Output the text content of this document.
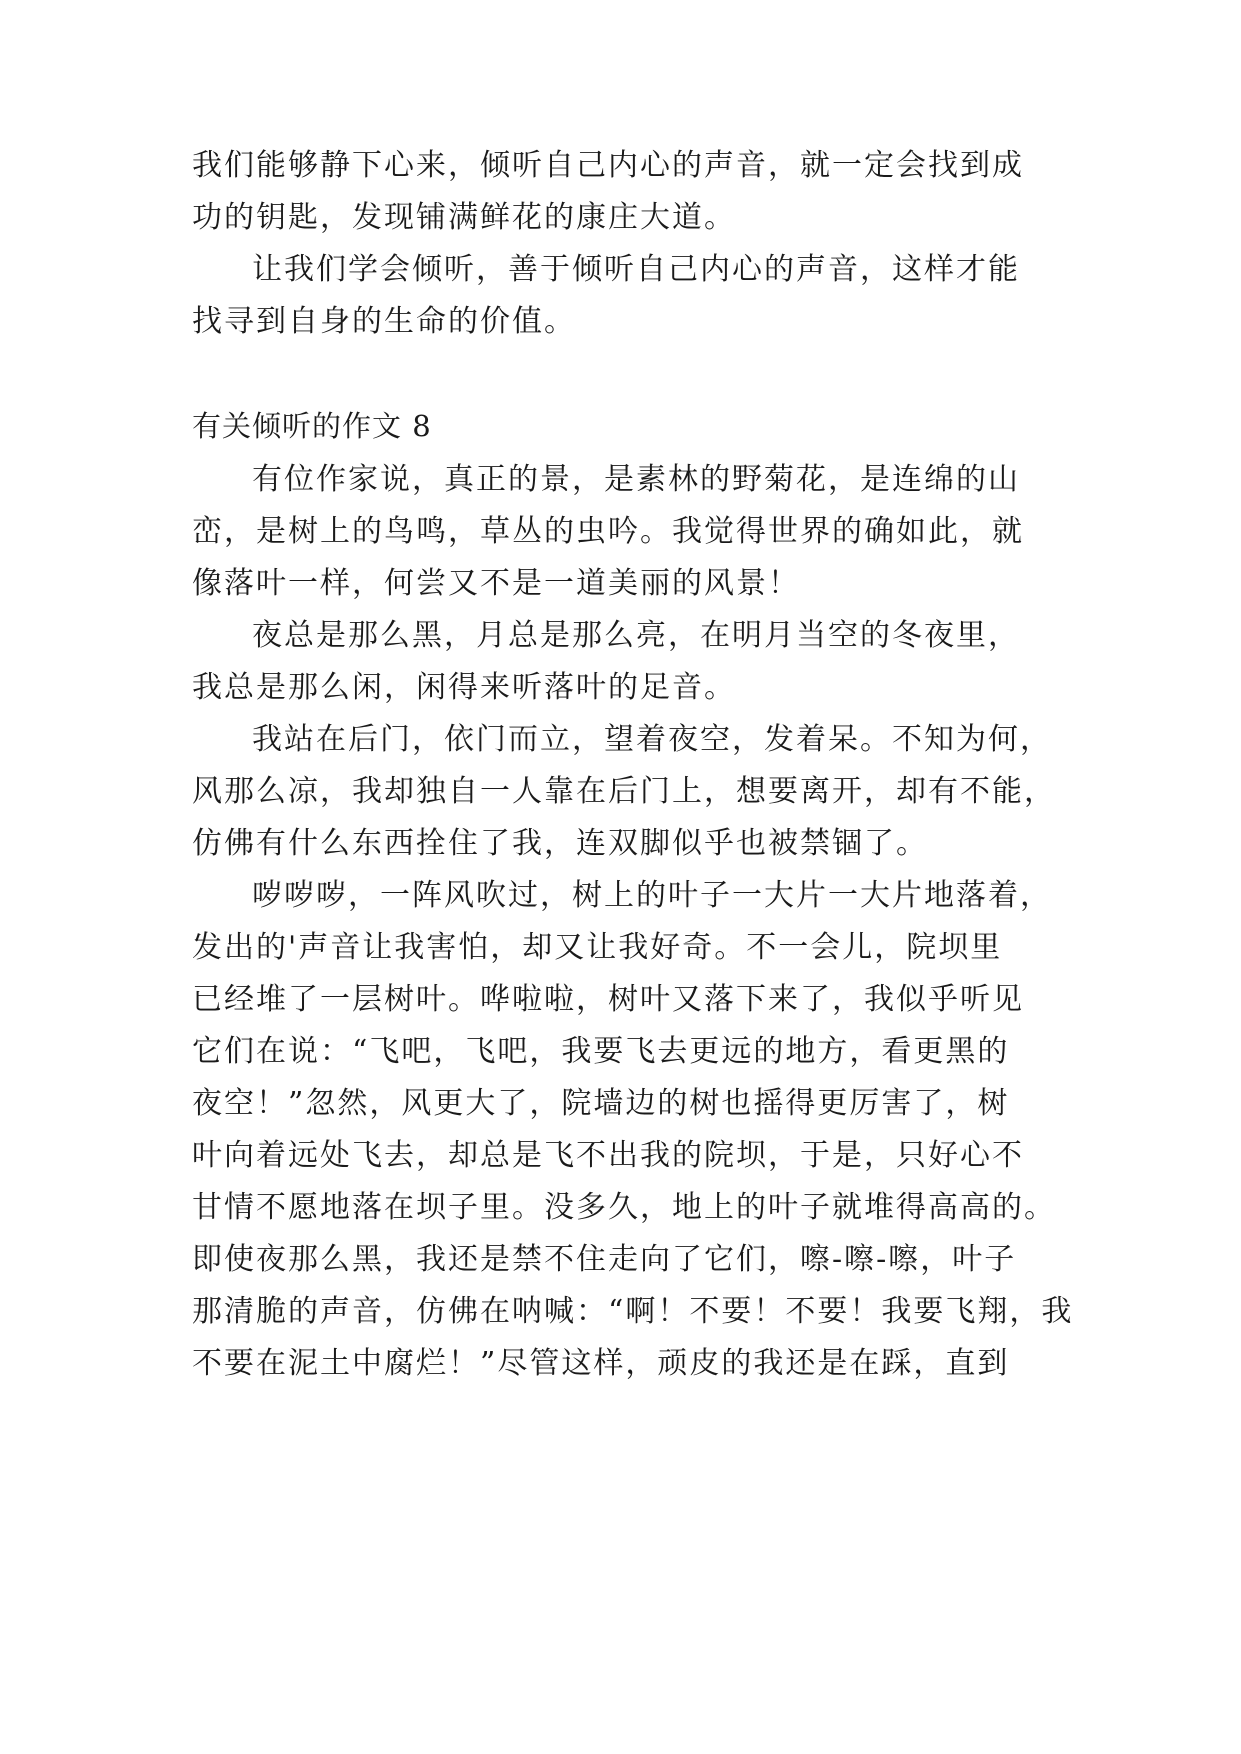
我们能够静下心来，倾听自己内心的声音，就一定会找到成
功的钥匙，发现铺满鲜花的康庄大道。
让我们学会倾听，善于倾听自己内心的声音，这样才能
找寻到自身的生命的价值。
有关倾听的作文 8
有位作家说，真正的景，是素林的野菊花，是连绵的山
峦，是树上的鸟鸣，草丛的虫吟。我觉得世界的确如此，就
像落叶一样，何尝又不是一道美丽的风景！
夜总是那么黑，月总是那么亮，在明月当空的冬夜里，
我总是那么闲，闲得来听落叶的足音。
我站在后门，依门而立，望着夜空，发着呆。不知为何，
风那么凉，我却独自一人靠在后门上，想要离开，却有不能，
仿佛有什么东西拴住了我，连双脚似乎也被禁锢了。
哕哕哕，一阵风吹过，树上的叶子一大片一大片地落着，
发出的'声音让我害怕，却又让我好奇。不一会儿，院坝里
已经堆了一层树叶。哗啦啦，树叶又落下来了，我似乎听见
它们在说：“飞吧，飞吧，我要飞去更远的地方，看更黑的
夜空！”忽然，风更大了，院墙边的树也摇得更厉害了，树
叶向着远处飞去，却总是飞不出我的院坝，于是，只好心不
甘情不愿地落在坝子里。没多久，地上的叶子就堆得高高的。
即使夜那么黑，我还是禁不住走向了它们，嚓-嚓-嚓，叶子
那清脆的声音，仿佛在呐喊：“啊！不要！不要！我要飞翔，我
不要在泥土中腐烂！”尽管这样，顽皮的我还是在踩，直到
